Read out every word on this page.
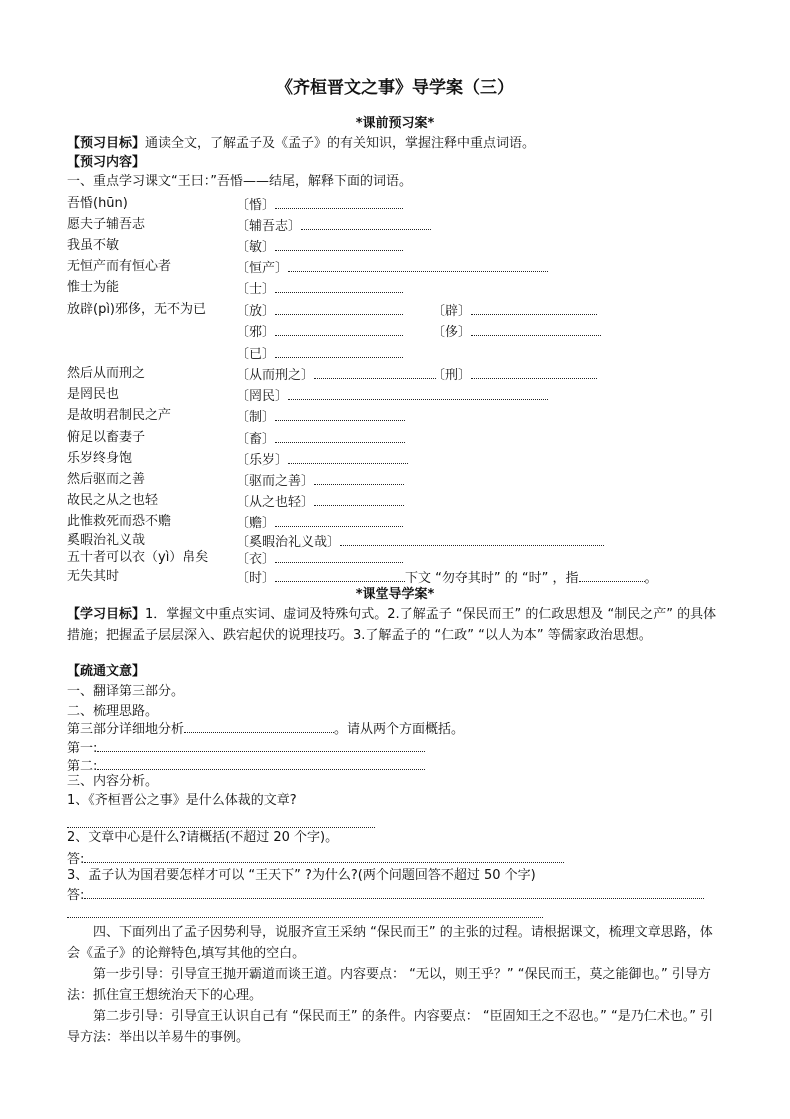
《齐桓晋文之事》导学案（三）
*课前预习案*
【预习目标】通读全文，了解孟子及《孟子》的有关知识，掌握注释中重点词语。
【预习内容】
一、重点学习课文“王曰：”吾惛——结尾，解释下面的词语。
吾惛(hūn)	〔惛〕
愿夫子辅吾志	〔辅吾志〕
我虽不敏	〔敏〕
无恒产而有恒心者	〔恒产〕
惟士为能	〔士〕
放辟(pì)邪侈，无不为已 〔放〕	〔辟〕
〔邪〕	〔侈〕
〔已〕
然后从而刑之	〔从而刑之〕	〔刑〕
是罔民也	〔罔民〕
是故明君制民之产	〔制〕
俯足以畜妻子	〔畜〕
乐岁终身饱	〔乐岁〕
然后驱而之善	〔驱而之善〕
故民之从之也轻	〔从之也轻〕
此惟救死而恐不赡	〔赡〕
奚暇治礼义哉	〔奚暇治礼义哉〕
五十者可以衣（yì）帛矣 〔衣〕
无失其时	〔时〕	下文 “勿夺其时” 的 “时” ，指	。
*课堂导学案*
【学习目标】1．掌握文中重点实词、虚词及特殊句式。2.了解孟子 “保民而王” 的仁政思想及 “制民之产” 的具体措施；把握孟子层层深入、跌宕起伏的说理技巧。3.了解孟子的 “仁政” “以人为本” 等儒家政治思想。
【疏通文意】
一、翻译第三部分。
二、梳理思路。
第三部分详细地分析	。请从两个方面概括。
第一:
第二:
三、内容分析。
1、《齐桓晋公之事》是什么体裁的文章?
2、文章中心是什么?请概括(不超过 20 个字)。
答:
3、孟子认为国君要怎样才可以 “王天下” ?为什么?(两个问题回答不超过 50 个字)
答:
四、下面列出了孟子因势利导，说服齐宣王采纳 “保民而王” 的主张的过程。请根据课文，梳理文章思路，体会《孟子》的论辩特色,填写其他的空白。
第一步引导：引导宣王抛开霸道而谈王道。内容要点： “无以，则王乎？” “保民而王，莫之能御也。” 引导方法：抓住宣王想统治天下的心理。
第二步引导：引导宣王认识自己有 “保民而王” 的条件。内容要点： “臣固知王之不忍也。” “是乃仁术也。” 引导方法：举出以羊易牛的事例。
